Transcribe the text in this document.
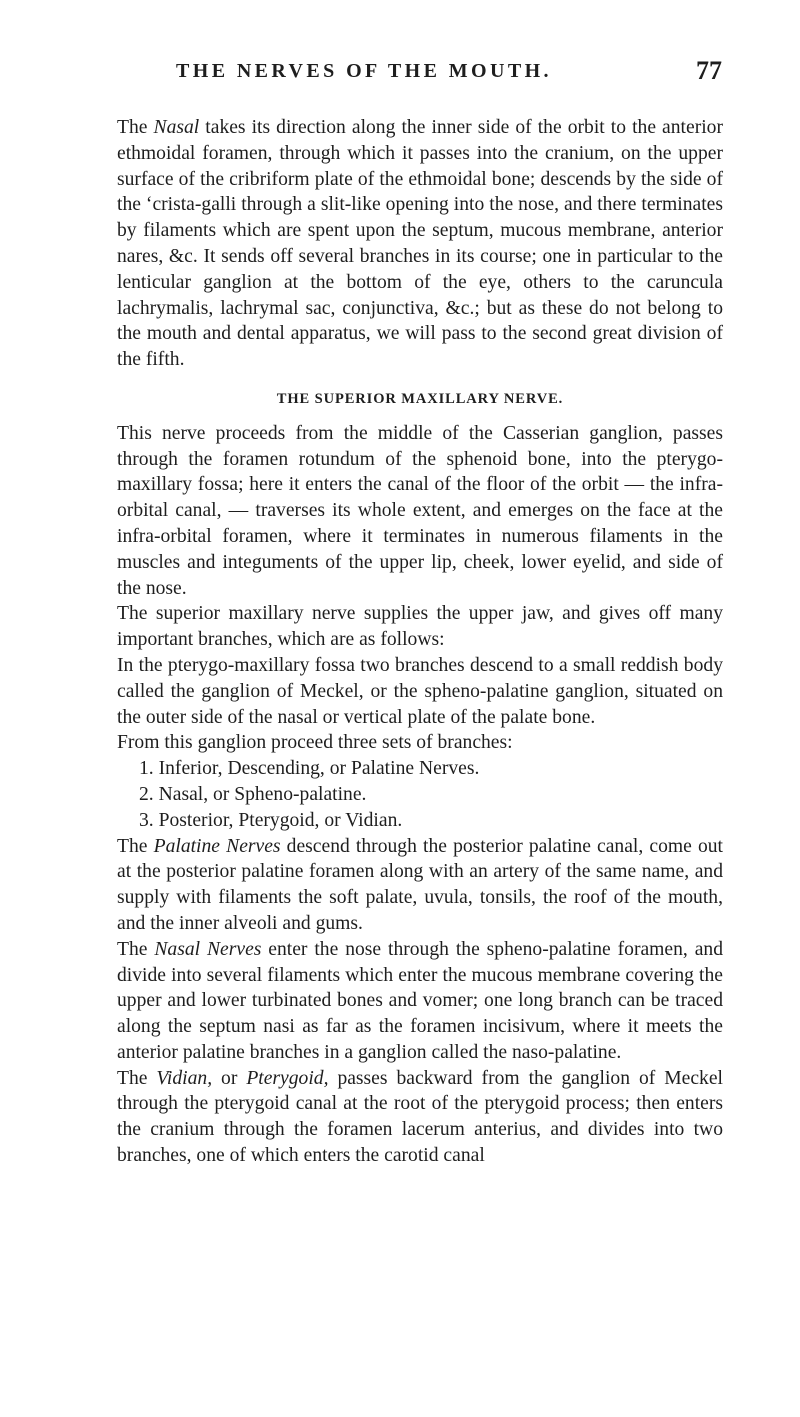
THE NERVES OF THE MOUTH.	77

The Nasal takes its direction along the inner side of the orbit to the anterior ethmoidal foramen, through which it passes into the cranium, on the upper surface of the cribriform plate of the ethmoidal bone; descends by the side of the ‘crista-galli through a slit-like opening into the nose, and there terminates by filaments which are spent upon the septum, mucous membrane, anterior nares, &c. It sends off several branches in its course; one in particular to the lenticular ganglion at the bottom of the eye, others to the caruncula lachrymalis, lachrymal sac, conjunctiva, &c.; but as these do not belong to the mouth and dental apparatus, we will pass to the second great division of the fifth.

THE SUPERIOR MAXILLARY NERVE.

This nerve proceeds from the middle of the Casserian ganglion, passes through the foramen rotundum of the sphenoid bone, into the pterygo-maxillary fossa; here it enters the canal of the floor of the orbit — the infra-orbital canal, — traverses its whole extent, and emerges on the face at the infra-orbital foramen, where it terminates in numerous filaments in the muscles and integuments of the upper lip, cheek, lower eyelid, and side of the nose.

The superior maxillary nerve supplies the upper jaw, and gives off many important branches, which are as follows:

In the pterygo-maxillary fossa two branches descend to a small reddish body called the ganglion of Meckel, or the spheno-palatine ganglion, situated on the outer side of the nasal or vertical plate of the palate bone.

From this ganglion proceed three sets of branches:

1. Inferior, Descending, or Palatine Nerves.

2. Nasal, or Spheno-palatine.

3. Posterior, Pterygoid, or Vidian.

The Palatine Nerves descend through the posterior palatine canal, come out at the posterior palatine foramen along with an artery of the same name, and supply with filaments the soft palate, uvula, tonsils, the roof of the mouth, and the inner alveoli and gums.

The Nasal Nerves enter the nose through the spheno-palatine foramen, and divide into several filaments which enter the mucous membrane covering the upper and lower turbinated bones and vomer; one long branch can be traced along the septum nasi as far as the foramen incisivum, where it meets the anterior palatine branches in a ganglion called the naso-palatine.

The Vidian, or Pterygoid, passes backward from the ganglion of Meckel through the pterygoid canal at the root of the pterygoid process; then enters the cranium through the foramen lacerum anterius, and divides into two branches, one of which enters the carotid canal
